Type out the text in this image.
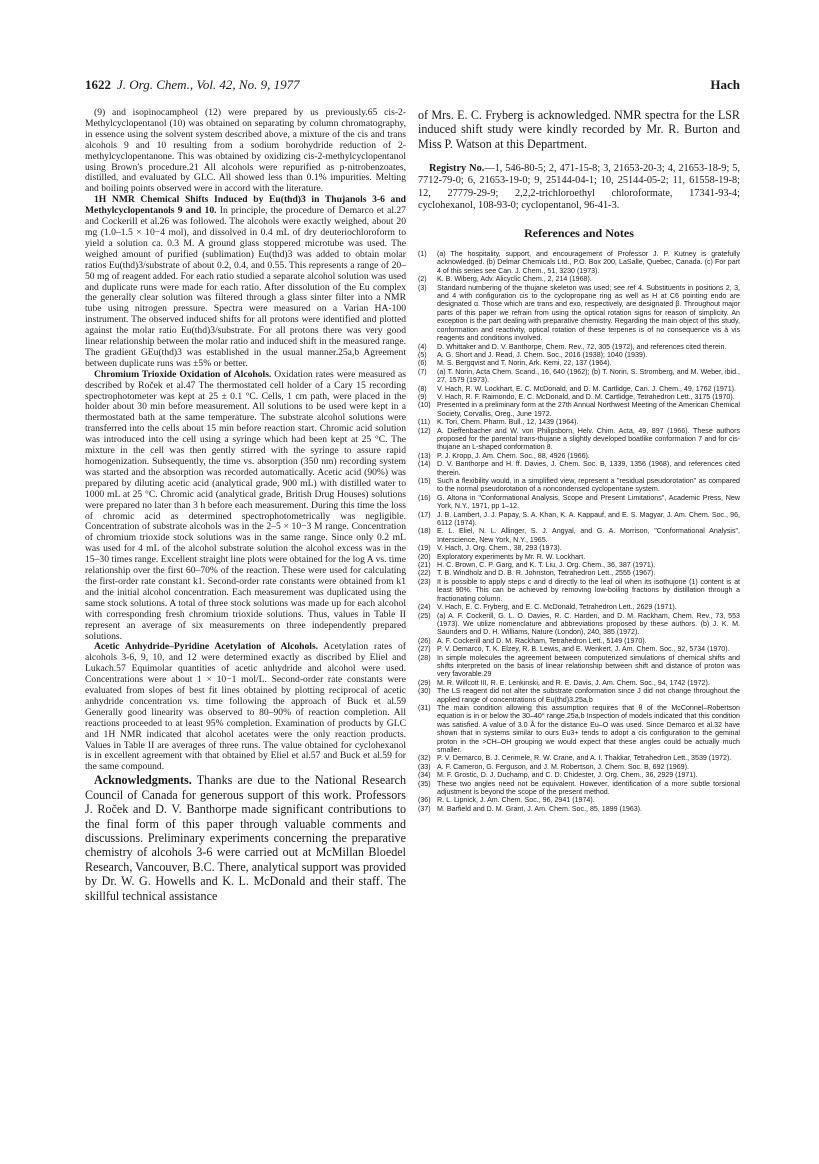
1622 J. Org. Chem., Vol. 42, No. 9, 1977	Hach

(9) and isopinocampheol (12) were prepared by us previously.65 cis-2-Methylcyclopentanol (10) was obtained on separating by column chromatography, in essence using the solvent system described above, a mixture of the cis and trans alcohols 9 and 10 resulting from a sodium borohydride reduction of 2-methylcyclopentanone. This was obtained by oxidizing cis-2-methylcyclopentanol using Brown's procedure.21 All alcohols were repurified as p-nitrobenzoates, distilled, and evaluated by GLC. All showed less than 0.1% impurities. Melting and boiling points observed were in accord with the literature.

1H NMR Chemical Shifts Induced by Eu(thd)3 in Thujanols 3-6 and Methylcyclopentanols 9 and 10. In principle, the procedure of Demarco et al.27 and Cockerill et al.26 was followed. The alcohols were exactly weighed, about 20 mg (1.0–1.5 × 10−4 mol), and dissolved in 0.4 mL of dry deuteriochloroform to yield a solution ca. 0.3 M. A ground glass stoppered microtube was used. The weighed amount of purified (sublimation) Eu(thd)3 was added to obtain molar ratios Eu(thd)3/substrate of about 0.2, 0.4, and 0.55. This represents a range of 20–50 mg of reagent added. For each ratio studied a separate alcohol solution was used and duplicate runs were made for each ratio. After dissolution of the Eu complex the generally clear solution was filtered through a glass sinter filter into a NMR tube using nitrogen pressure. Spectra were measured on a Varian HA-100 instrument. The observed induced shifts for all protons were identified and plotted against the molar ratio Eu(thd)3/substrate. For all protons there was very good linear relationship between the molar ratio and induced shift in the measured range. The gradient GEu(thd)3 was established in the usual manner.25a,b Agreement between duplicate runs was ±5% or better.

Chromium Trioxide Oxidation of Alcohols. Oxidation rates were measured as described by Roček et al.47 The thermostated cell holder of a Cary 15 recording spectrophotometer was kept at 25 ± 0.1 °C. Cells, 1 cm path, were placed in the holder about 30 min before measurement. All solutions to be used were kept in a thermostated bath at the same temperature. The substrate alcohol solutions were transferred into the cells about 15 min before reaction start. Chromic acid solution was introduced into the cell using a syringe which had been kept at 25 °C. The mixture in the cell was then gently stirred with the syringe to assure rapid homogenization. Subsequently, the time vs. absorption (350 nm) recording system was started and the absorption was recorded automatically. Acetic acid (90%) was prepared by diluting acetic acid (analytical grade, 900 mL) with distilled water to 1000 mL at 25 °C. Chromic acid (analytical grade, British Drug Houses) solutions were prepared no later than 3 h before each measurement. During this time the loss of chromic acid as determined spectrophotometrically was negligible. Concentration of substrate alcohols was in the 2–5 × 10−3 M range. Concentration of chromium trioxide stock solutions was in the same range. Since only 0.2 mL was used for 4 mL of the alcohol substrate solution the alcohol excess was in the 15–30 times range. Excellent straight line plots were obtained for the log A vs. time relationship over the first 60–70% of the reaction. These were used for calculating the first-order rate constant k1. Second-order rate constants were obtained from k1 and the initial alcohol concentration. Each measurement was duplicated using the same stock solutions. A total of three stock solutions was made up for each alcohol with corresponding fresh chromium trioxide solutions. Thus, values in Table II represent an average of six measurements on three independently prepared solutions.

Acetic Anhydride–Pyridine Acetylation of Alcohols. Acetylation rates of alcohols 3-6, 9, 10, and 12 were determined exactly as discribed by Eliel and Lukach.57 Equimolar quantities of acetic anhydride and alcohol were used. Concentrations were about 1 × 10−1 mol/L. Second-order rate constants were evaluated from slopes of best fit lines obtained by plotting reciprocal of acetic anhydride concentration vs. time following the approach of Buck et al.59 Generally good linearity was observed to 80–90% of reaction completion. All reactions proceeded to at least 95% completion. Examination of products by GLC and 1H NMR indicated that alcohol acetates were the only reaction products. Values in Table II are averages of three runs. The value obtained for cyclohexanol is in excellent agreement with that obtained by Eliel et al.57 and Buck et al.59 for the same compound.

Acknowledgments. Thanks are due to the National Research Council of Canada for generous support of this work. Professors J. Roček and D. V. Banthorpe made significant contributions to the final form of this paper through valuable comments and discussions. Preliminary experiments concerning the preparative chemistry of alcohols 3-6 were carried out at McMillan Bloedel Research, Vancouver, B.C. There, analytical support was provided by Dr. W. G. Howells and K. L. McDonald and their staff. The skillful technical assistance

of Mrs. E. C. Fryberg is acknowledged. NMR spectra for the LSR induced shift study were kindly recorded by Mr. R. Burton and Miss P. Watson at this Department.

Registry No.—1, 546-80-5; 2, 471-15-8; 3, 21653-20-3; 4, 21653-18-9; 5, 7712-79-0; 6, 21653-19-0; 9, 25144-04-1; 10, 25144-05-2; 11, 61558-19-8; 12, 27779-29-9; 2,2,2-trichloroethyl chloroformate, 17341-93-4; cyclohexanol, 108-93-0; cyclopentanol, 96-41-3.

References and Notes
(1)	(a) The hospitality, support, and encouragement of Professor J. P. Kutney is gratefully acknowledged. (b) Delmar Chemicals Ltd., P.O. Box 200, LaSalle, Quebec, Canada. (c) For part 4 of this series see Can. J. Chem., 51, 3230 (1973).
(2)	K. B. Wiberg, Adv. Alicyclic Chem., 2, 214 (1968).
(3)	Standard numbering of the thujane skeleton was used; see ref 4. Substituents in positions 2, 3, and 4 with configuration cis to the cyclopropane ring as well as H at C6 pointing endo are designated α. Those which are trans and exo, respectively, are designated β. Throughout major parts of this paper we refrain from using the optical rotation signs for reason of simplicity. An exception is the part dealing with preparative chemistry. Regarding the main object of this study, conformation and reactivity, optical rotation of these terpenes is of no consequence vis à vis reagents and conditions involved.
(4)	D. Whittaker and D. V. Banthorpe, Chem. Rev., 72, 305 (1972), and references cited therein.
(5)	A. G. Short and J. Read, J. Chem. Soc., 2016 (1938); 1040 (1939).
(6)	M. S. Bergqvist and T. Norin, Ark. Kemi, 22, 137 (1964).
(7)	(a) T. Norin, Acta Chem. Scand., 16, 640 (1962); (b) T. Norin, S. Stromberg, and M. Weber, ibid., 27, 1579 (1973).
(8)	V. Hach, R. W. Lockhart, E. C. McDonald, and D. M. Cartlidge, Can. J. Chem., 49, 1762 (1971).
(9)	V. Hach, R. F. Raimondo, E. C. McDonald, and D. M. Cartlidge, Tetrahedron Lett., 3175 (1970).
(10) Presented in a preliminary form at the 27th Annual Northwest Meeting of the American Chemical Society, Corvallis, Oreg., June 1972.
(11) K. Tori, Chem. Pharm. Bull., 12, 1439 (1964).
(12) A. Dieffenbacher and W. von Philipsborn, Helv. Chim. Acta, 49, 897 (1966). These authors proposed for the parental trans-thujane a slightly developed boatlike conformation 7 and for cis-thujane an L-shaped conformation 8.
(13) P. J. Kropp, J. Am. Chem. Soc., 88, 4926 (1966).
(14) D. V. Banthorpe and H. ff. Davies, J. Chem. Soc. B, 1339, 1356 (1968), and references cited therein.
(15) Such a flexibility would, in a simplified view, represent a "residual pseudorotation" as compared to the normal pseudorotation of a noncondensed cyclopentane system.
(16) G. Altona in "Conformational Analysis, Scope and Present Limitations", Academic Press, New York, N.Y., 1971, pp 1–12.
(17) J. B. Lambert, J. J. Papay, S. A. Khan, K. A. Kappauf, and E. S. Magyar, J. Am. Chem. Soc., 96, 6112 (1974).
(18) E. L. Eliel, N. L. Allinger, S. J. Angyal, and G. A. Morrison, "Conformational Analysis", Interscience, New York, N.Y., 1965.
(19) V. Hach, J. Org. Chem., 38, 293 (1973).
(20) Exploratory experiments by Mr. R. W. Lockhart.
(21) H. C. Brown, C. P. Garg, and K. T. Liu, J. Org. Chem., 36, 387 (1971).
(22) T. B. Windholz and D. B. R. Johnston, Tetrahedron Lett., 2555 (1967).
(23) It is possible to apply steps c and d directly to the leaf oil when its isothujone (1) content is at least 90%. This can be achieved by removing low-boiling fractions by distillation through a fractionating column.
(24) V. Hach, E. C. Fryberg, and E. C. McDonald, Tetrahedron Lett., 2629 (1971).
(25) (a) A. F. Cockerill, G. L. O. Davies, R. C. Harden, and D. M. Rackham, Chem. Rev., 73, 553 (1973). We utilize nomenclature and abbreviations proposed by these authors. (b) J. K. M. Saunders and D. H. Williams, Nature (London), 240, 385 (1972).
(26) A. F. Cockerill and D. M. Rackham, Tetrahedron Lett., 5149 (1970).
(27) P. V. Demarco, T. K. Elzey, R. B. Lewis, and E. Wenkert, J. Am. Chem. Soc., 92, 5734 (1970).
(28) In simple molecules the agreement between computerized simulations of chemical shifts and shifts interpreted on the basis of linear relationship between shift and distance of proton was very favorable.29
(29) M. R. Willcott III, R. E. Lenkinski, and R. E. Davis, J. Am. Chem. Soc., 94, 1742 (1972).
(30) The LS reagent did not alter the substrate conformation since J did not change throughout the applied range of concentrations of Eu(thd)3.25a,b
(31) The main condition allowing this assumption requires that θ of the McConnel–Robertson equation is in or below the 30–40° range.25a,b Inspection of models indicated that this condition was satisfied. A value of 3.0 Å for the distance Eu–O was used. Since Demarco et al.32 have shown that in systems similar to ours Eu3+ tends to adopt a cis configuration to the geminal proton in the >CH–OH grouping we would expect that these angles could be actually much smaller.
(32) P. V. Demarco, B. J. Cerimele, R. W. Crane, and A. I. Thakkar, Tetrahedron Lett., 3539 (1972).
(33) A. F. Cameron, G. Ferguson, and J. M. Robertson, J. Chem. Soc. B, 692 (1969).
(34) M. F. Grostic, D. J. Duchamp, and C. D. Chidester, J. Org. Chem., 36, 2929 (1971).
(35) These two angles need not be equivalent. However, identification of a more subtle torsional adjustment is beyond the scope of the present method.
(36) R. L. Lipnick, J. Am. Chem. Soc., 96, 2941 (1974).
(37) M. Barfield and D. M. Grant, J. Am. Chem. Soc., 85, 1899 (1963).
